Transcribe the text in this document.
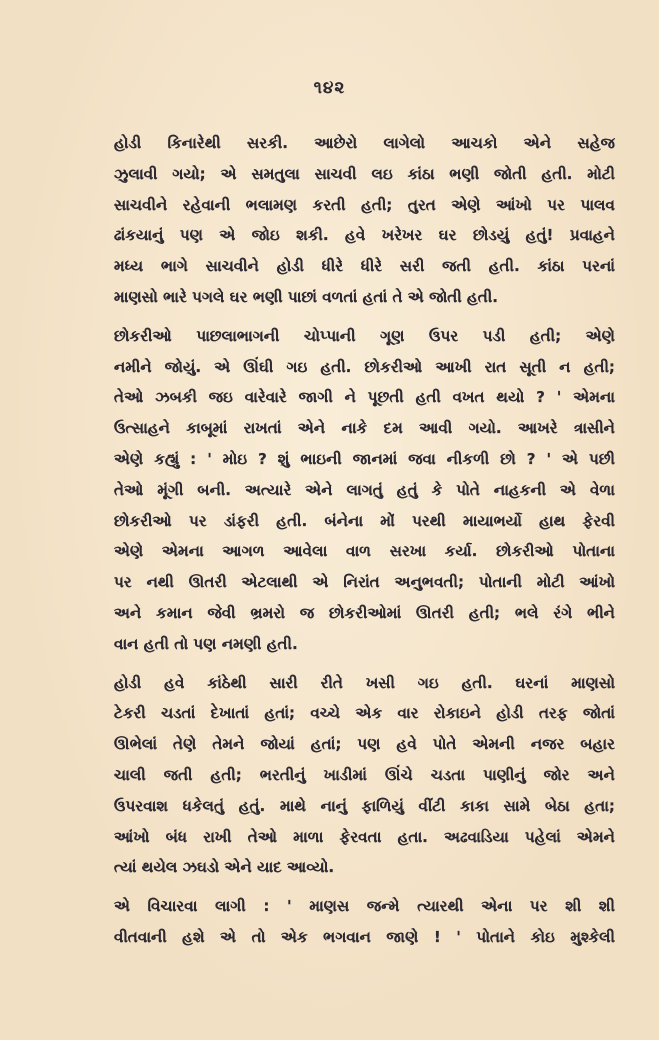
૧૪૨

હોડી કિનારેથી સરકી. આછેરો લાગેલો આચકો એને સહેજ
ઝુલાવી ગયો; એ સમતુલા સાચવી લઇ કાંઠા ભણી જોતી હતી. મોટી
સાચવીને રહેવાની ભલામણ કરતી હતી; તુરત એણે આંખો પર પાલવ
ઢાંકયાનું પણ એ જોઇ શકી. હવે ખરેખર ઘર છોડયું હતું! પ્રવાહને
મધ્ય ભાગે સાચવીને હોડી ધીરે ધીરે સરી જતી હતી. કાંઠા પરનાં
માણસો ભારે પગલે ઘર ભણી પાછાં વળતાં હતાં તે એ જોતી હતી.

છોકરીઓ પાછલાભાગની ચોપ્પાની ગૂણ ઉપર પડી હતી; એણે
નમીને જોયું. એ ઊંઘી ગઇ હતી. છોકરીઓ આખી રાત સૂતી ન હતી;
તેઓ ઝબકી જઇ વારેવારે જાગી ને પૂછતી હતી વખત થયો ? ' એમના
ઉત્સાહને કાબૂમાં રાખતાં એને નાકે દમ આવી ગયો. આખરે ત્રાસીને
એણે કહ્યું : ' મોઇ ? શું ભાઇની જાનમાં જવા નીકળી છો ? ' એ પછી
તેઓ મૂંગી બની. અત્યારે એને લાગતું હતું કે પોતે નાહકની એ વેળા
છોકરીઓ પર ડાંફરી હતી. બંનેના મોં પરથી માયાભર્યો હાથ ફેરવી
એણે એમના આગળ આવેલા વાળ સરખા કર્યા. છોકરીઓ પોતાના
પર નથી ઊતરી એટલાથી એ નિરાંત અનુભવતી; પોતાની મોટી આંખો
અને કમાન જેવી ભ્રમરો જ છોકરીઓમાં ઊતરી હતી; ભલે રંગે ભીને
વાન હતી તો પણ નમણી હતી.

હોડી હવે કાંઠેથી સારી રીતે ખસી ગઇ હતી. ઘરનાં માણસો
ટેકરી ચડતાં દેખાતાં હતાં; વચ્ચે એક વાર રોકાઇને હોડી તરફ જોતાં
ઊભેલાં તેણે તેમને જોયાં હતાં; પણ હવે પોતે એમની નજર બહાર
ચાલી જતી હતી; ભરતીનું ખાડીમાં ઊંચે ચડતા પાણીનું જોર અને
ઉપરવાશ ધકેલતું હતું. માથે નાનું ફાળિયું વીંટી કાકા સામે બેઠા હતા;
આંખો બંધ રાખી તેઓ માળા ફેરવતા હતા. અઢવાડિયા પહેલાં એમને
ત્યાં થયેલ ઝઘડો એને યાદ આવ્યો.

એ વિચારવા લાગી : ' માણસ જન્મે ત્યારથી એના પર શી શી
વીતવાની હશે એ તો એક ભગવાન જાણે ! ' પોતાને કોઇ મુશ્કેલી
